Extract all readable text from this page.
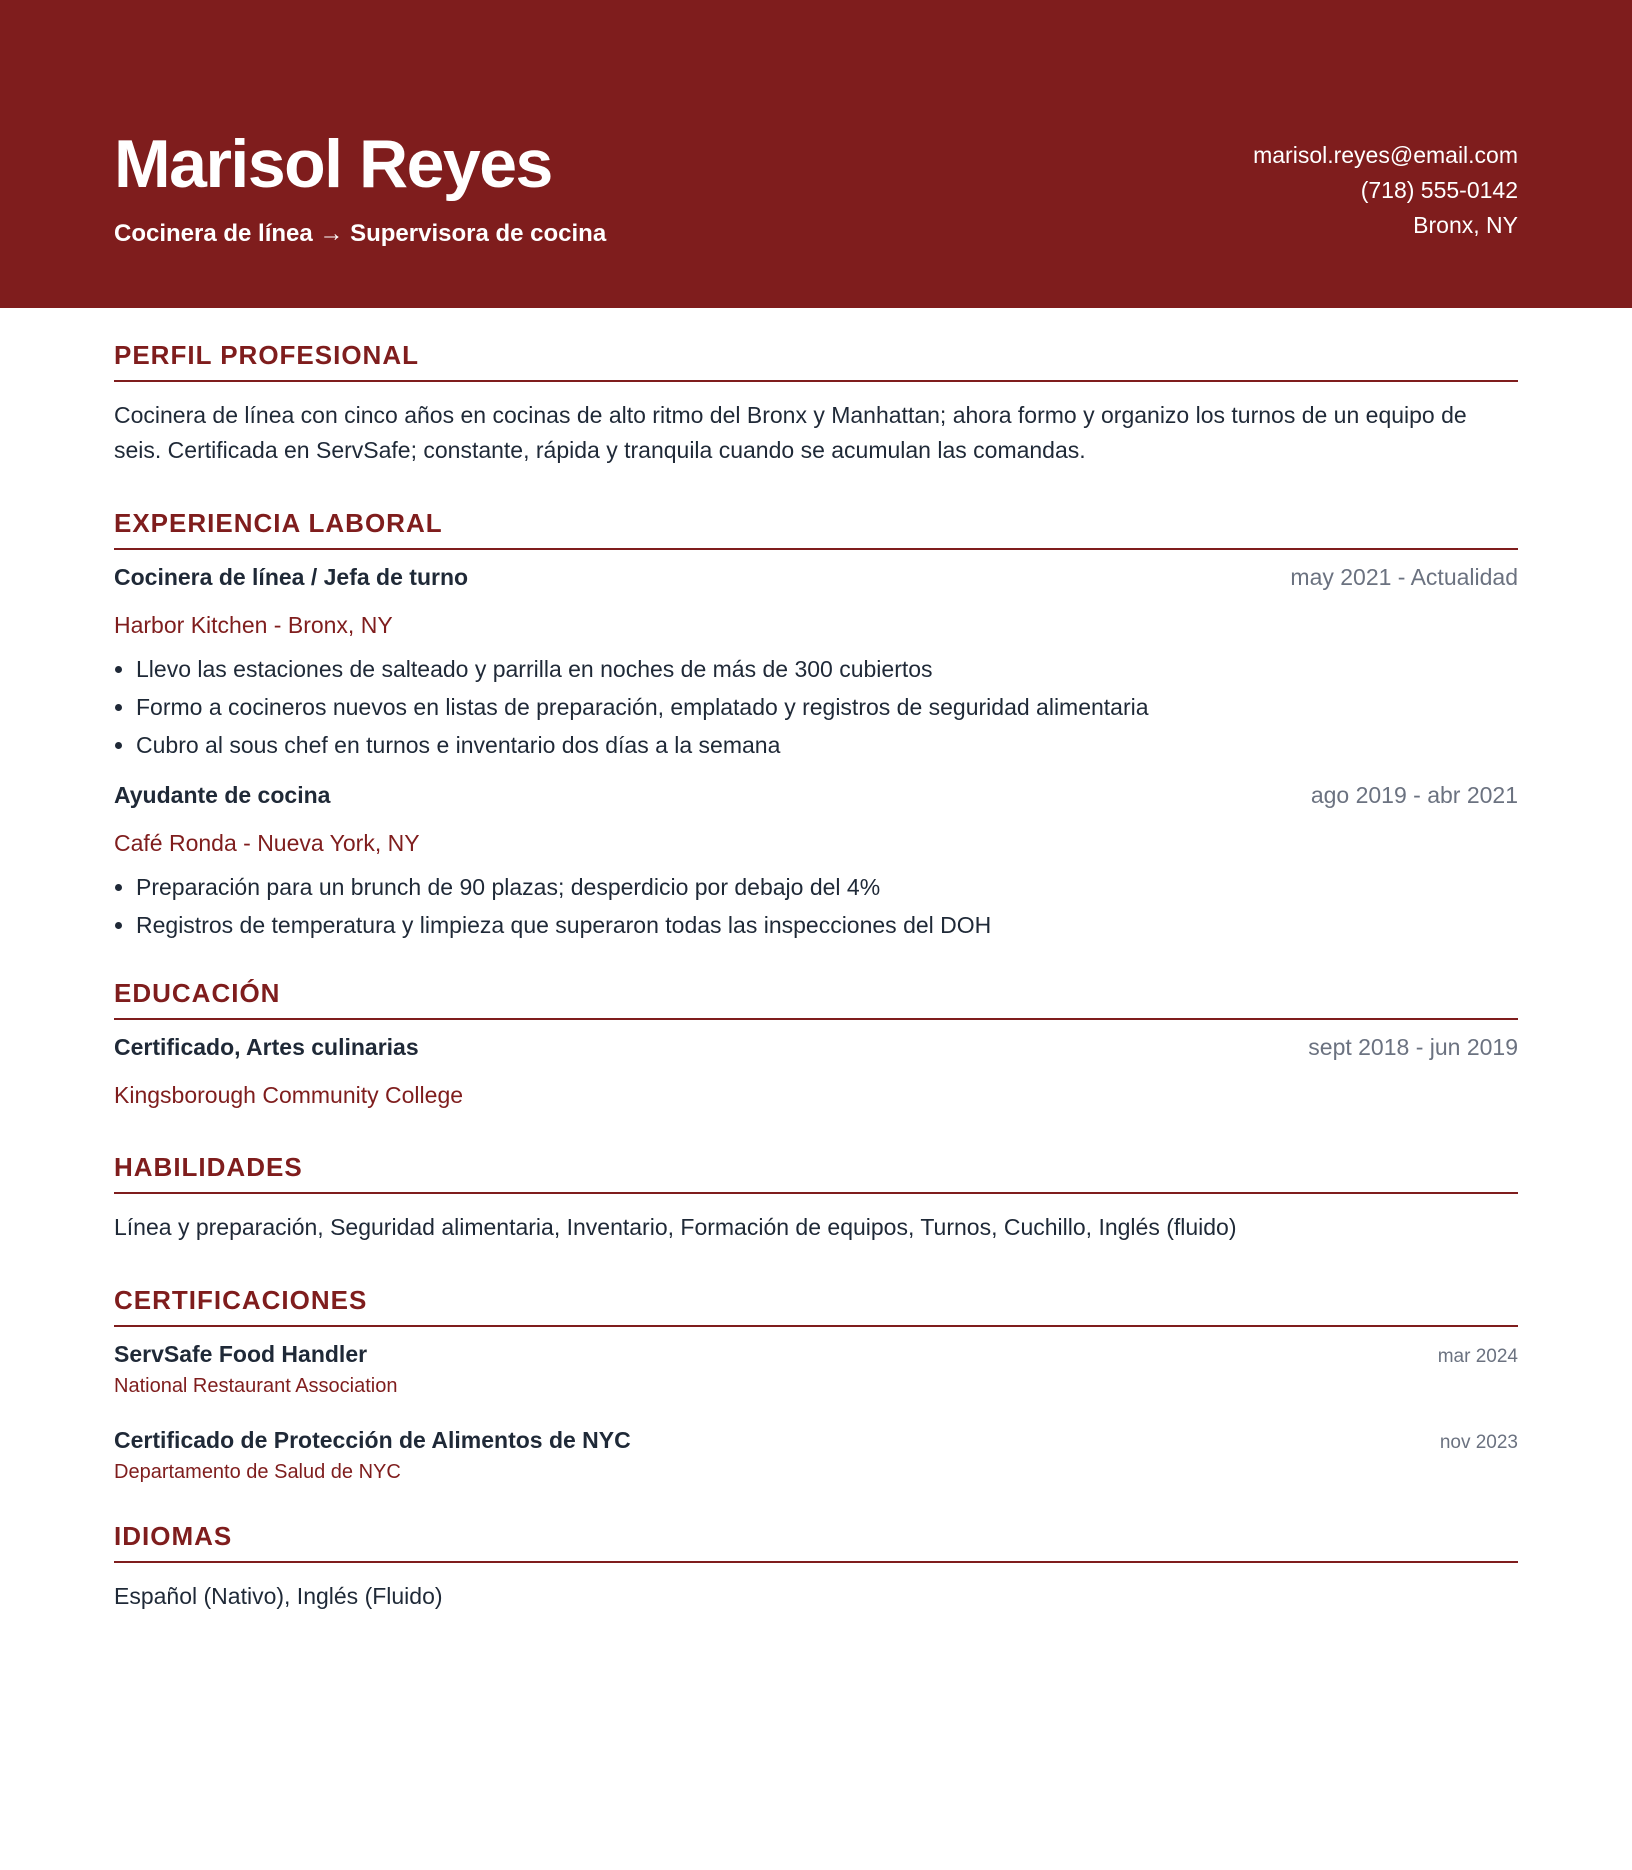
Marisol Reyes
Cocinera de línea → Supervisora de cocina
marisol.reyes@email.com
(718) 555-0142
Bronx, NY
PERFIL PROFESIONAL

Cocinera de línea con cinco años en cocinas de alto ritmo del Bronx y Manhattan; ahora formo y organizo los turnos de un equipo de seis. Certificada en ServSafe; constante, rápida y tranquila cuando se acumulan las comandas.

EXPERIENCIA LABORAL
Cocinera de línea / Jefa de turno	may 2021 - Actualidad
Harbor Kitchen - Bronx, NY
• Llevo las estaciones de salteado y parrilla en noches de más de 300 cubiertos
• Formo a cocineros nuevos en listas de preparación, emplatado y registros de seguridad alimentaria
• Cubro al sous chef en turnos e inventario dos días a la semana
Ayudante de cocina	ago 2019 - abr 2021
Café Ronda - Nueva York, NY
• Preparación para un brunch de 90 plazas; desperdicio por debajo del 4%
• Registros de temperatura y limpieza que superaron todas las inspecciones del DOH
EDUCACIÓN
Certificado, Artes culinarias	sept 2018 - jun 2019
Kingsborough Community College
HABILIDADES

Línea y preparación, Seguridad alimentaria, Inventario, Formación de equipos, Turnos, Cuchillo, Inglés (fluido)

CERTIFICACIONES
ServSafe Food Handler	mar 2024
National Restaurant Association
Certificado de Protección de Alimentos de NYC	nov 2023
Departamento de Salud de NYC
IDIOMAS

Español (Nativo), Inglés (Fluido)
